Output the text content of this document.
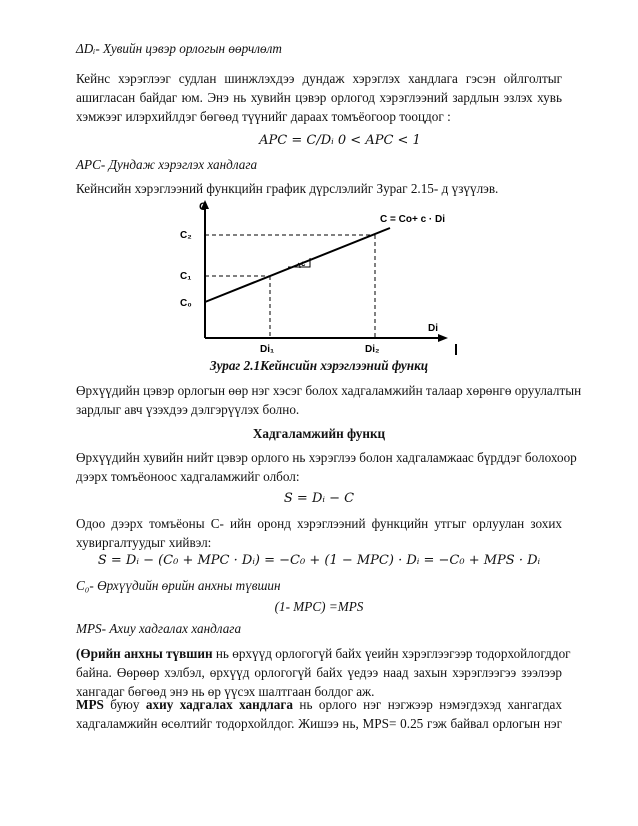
ΔDᵢ- Хувийн цэвэр орлогын өөрчлөлт
Кейнс хэрэглээг судлан шинжлэхдээ дундаж хэрэглэх хандлага гэсэн ойлголтыг
ашигласан байдаг юм. Энэ нь хувийн цэвэр орлогод хэрэглээний зардлын эзлэх хувь
хэмжээг илэрхийлдэг бөгөөд түүнийг дараах томъёогоор тооцдог :
APC = C/Dᵢ 0 < APC < 1
APC- Дундаж хэрэглэх хандлага
Кейнсийн хэрэглээний функцийн график дүрслэлийг Зураг 2.15- д үзүүлэв.
c
C
C₂
C₁
C₀
C = Co+ c · Di
Di
Di₁	Di₂
Зураг 2.1Кейнсийн хэрэглээний функц
Өрхүүдийн цэвэр орлогын өөр нэг хэсэг болох хадгаламжийн талаар хөрөнгө оруулалтын
зардлыг авч үзэхдээ дэлгэрүүлэх болно.
Хадгаламжийн функц
Өрхүүдийн хувийн нийт цэвэр орлого нь хэрэглээ болон хадгаламжаас бүрддэг болохоор
дээрх томъёоноос хадгаламжийг олбол:
S = Dᵢ − C
Одоо дээрх томъёоны C- ийн оронд хэрэглээний функцийн утгыг орлуулан зохих
хувиргалтуудыг хийвэл:
S = Dᵢ − (C₀ + MPC · Dᵢ) = −C₀ + (1 − MPC) · Dᵢ = −C₀ + MPS · Dᵢ
C₀- Өрхүүдийн өрийн анхны түвшин
(1- MPC) =MPS
MPS- Ахиу хадгалах хандлага
(Өрийн анхны түвшин нь өрхүүд орлогогүй байх үеийн хэрэглээгээр тодорхойлогддог
байна. Өөрөөр хэлбэл, өрхүүд орлогогүй байх үедээ наад захын хэрэглээгээ зээлээр
хангадаг бөгөөд энэ нь өр үүсэх шалтгаан болдог аж.
MPS буюу ахиу хадгалах хандлага нь орлого нэг нэгжээр нэмэгдэхэд хангагдах
хадгаламжийн өсөлтийг тодорхойлдог. Жишээ нь, MPS= 0.25 гэж байвал орлогын нэг
